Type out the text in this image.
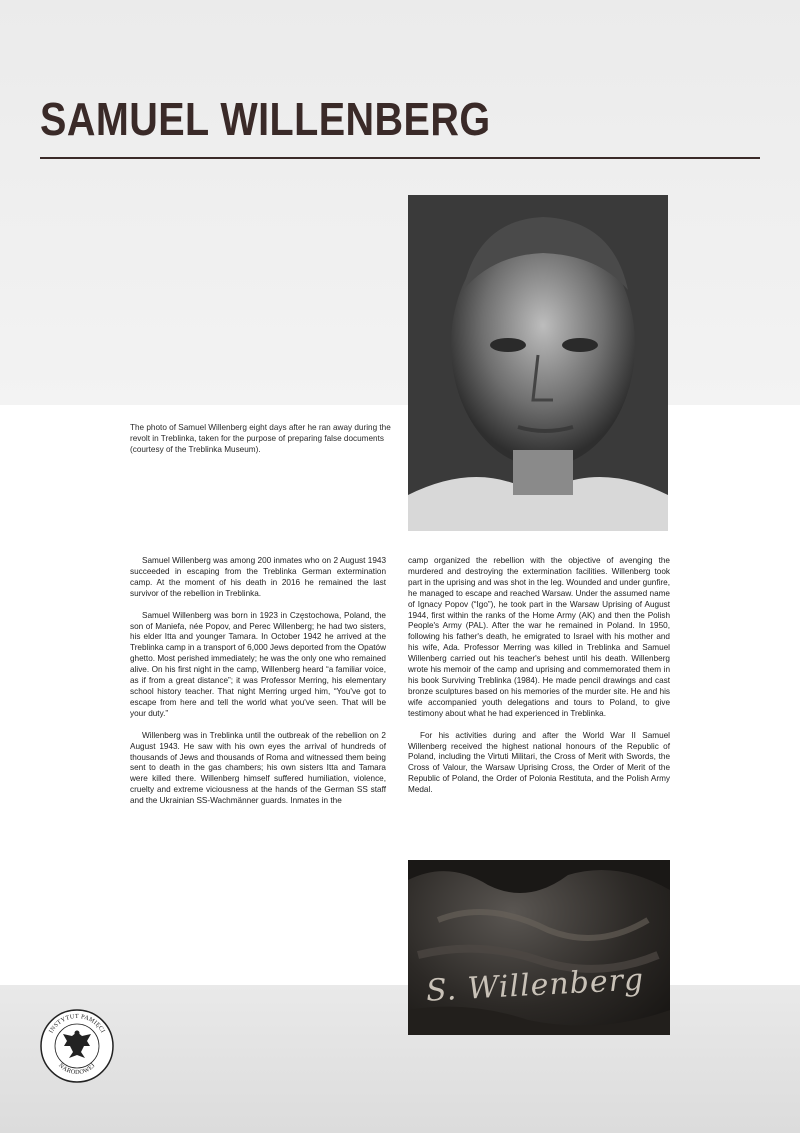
SAMUEL WILLENBERG

The photo of Samuel Willenberg eight days after he ran away during the revolt in Treblinka, taken for the purpose of preparing false documents (courtesy of the Treblinka Museum).

Samuel Willenberg was among 200 inmates who on 2 August 1943 succeeded in escaping from the Treblinka German extermination camp. At the moment of his death in 2016 he remained the last survivor of the rebellion in Treblinka.

Samuel Willenberg was born in 1923 in Częstochowa, Poland, the son of Maniefa, née Popov, and Perec Willenberg; he had two sisters, his elder Itta and younger Tamara. In October 1942 he arrived at the Treblinka camp in a transport of 6,000 Jews deported from the Opatów ghetto. Most perished immediately; he was the only one who remained alive. On his first night in the camp, Willenberg heard “a familiar voice, as if from a great distance”; it was Professor Merring, his elementary school history teacher. That night Merring urged him, “You've got to escape from here and tell the world what you've seen. That will be your duty.”

Willenberg was in Treblinka until the outbreak of the rebellion on 2 August 1943. He saw with his own eyes the arrival of hundreds of thousands of Jews and thousands of Roma and witnessed them being sent to death in the gas chambers; his own sisters Itta and Tamara were killed there. Willenberg himself suffered humiliation, violence, cruelty and extreme viciousness at the hands of the German SS staff and the Ukrainian SS-Wachmänner guards. Inmates in the

camp organized the rebellion with the objective of avenging the murdered and destroying the extermination facilities. Willenberg took part in the uprising and was shot in the leg. Wounded and under gunfire, he managed to escape and reached Warsaw. Under the assumed name of Ignacy Popov (“Igo”), he took part in the Warsaw Uprising of August 1944, first within the ranks of the Home Army (AK) and then the Polish People's Army (PAL). After the war he remained in Poland. In 1950, following his father's death, he emigrated to Israel with his mother and his wife, Ada. Professor Merring was killed in Treblinka and Samuel Willenberg carried out his teacher's behest until his death. Willenberg wrote his memoir of the camp and uprising and commemorated them in his book Surviving Treblinka (1984). He made pencil drawings and cast bronze sculptures based on his memories of the murder site. He and his wife accompanied youth delegations and tours to Poland, to give testimony about what he had experienced in Treblinka.

For his activities during and after the World War II Samuel Willenberg received the highest national honours of the Republic of Poland, including the Virtuti Militari, the Cross of Merit with Swords, the Cross of Valour, the Warsaw Uprising Cross, the Order of Merit of the Republic of Poland, the Order of Polonia Restituta, and the Polish Army Medal.

S. Willenberg
INSTYTUT PAMIĘCI
NARODOWEJ
